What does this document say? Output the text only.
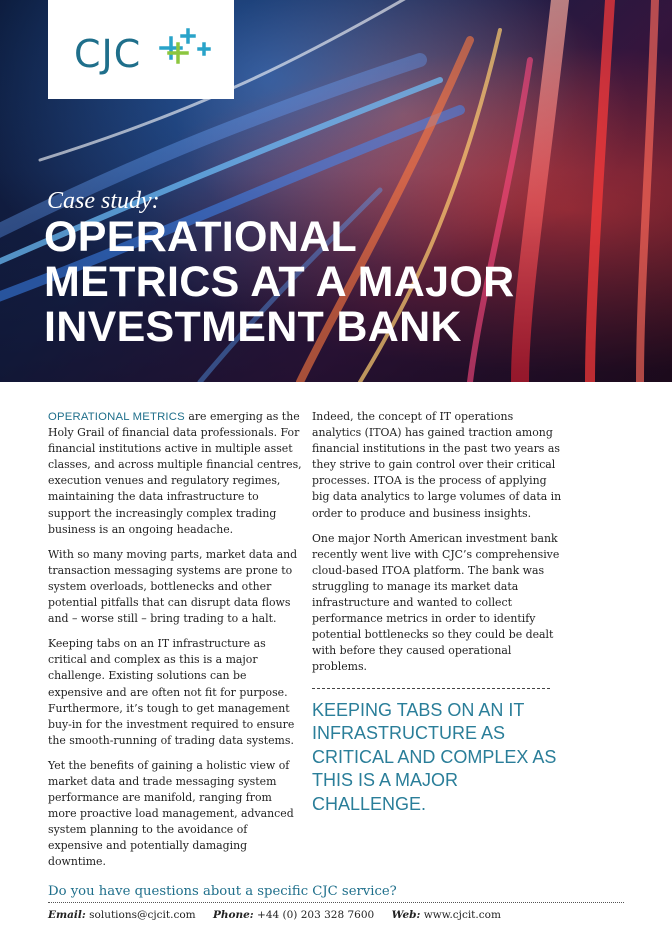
CJC
Case study:
OPERATIONAL
METRICS AT A MAJOR
INVESTMENT BANK

OPERATIONAL METRICS are emerging as the Holy Grail of financial data professionals. For financial institutions active in multiple asset classes, and across multiple financial centres, execution venues and regulatory regimes, maintaining the data infrastructure to support the increasingly complex trading business is an ongoing headache.

With so many moving parts, market data and transaction messaging systems are prone to system overloads, bottlenecks and other potential pitfalls that can disrupt data flows and – worse still – bring trading to a halt.

Keeping tabs on an IT infrastructure as critical and complex as this is a major challenge. Existing solutions can be expensive and are often not fit for purpose. Furthermore, it’s tough to get management buy-in for the investment required to ensure the smooth-running of trading data systems.

Yet the benefits of gaining a holistic view of market data and trade messaging system performance are manifold, ranging from more proactive load management, advanced system planning to the avoidance of expensive and potentially damaging downtime.

Indeed, the concept of IT operations analytics (ITOA) has gained traction among financial institutions in the past two years as they strive to gain control over their critical processes. ITOA is the process of applying big data analytics to large volumes of data in order to produce and business insights.

One major North American investment bank recently went live with CJC’s comprehensive cloud-based ITOA platform. The bank was struggling to manage its market data infrastructure and wanted to collect performance metrics in order to identify potential bottlenecks so they could be dealt with before they caused operational problems.

KEEPING TABS ON AN IT INFRASTRUCTURE AS CRITICAL AND COMPLEX AS THIS IS A MAJOR CHALLENGE.

Do you have questions about a specific CJC service?
Email: solutions@cjcit.com Phone: +44 (0) 203 328 7600 Web: www.cjcit.com
